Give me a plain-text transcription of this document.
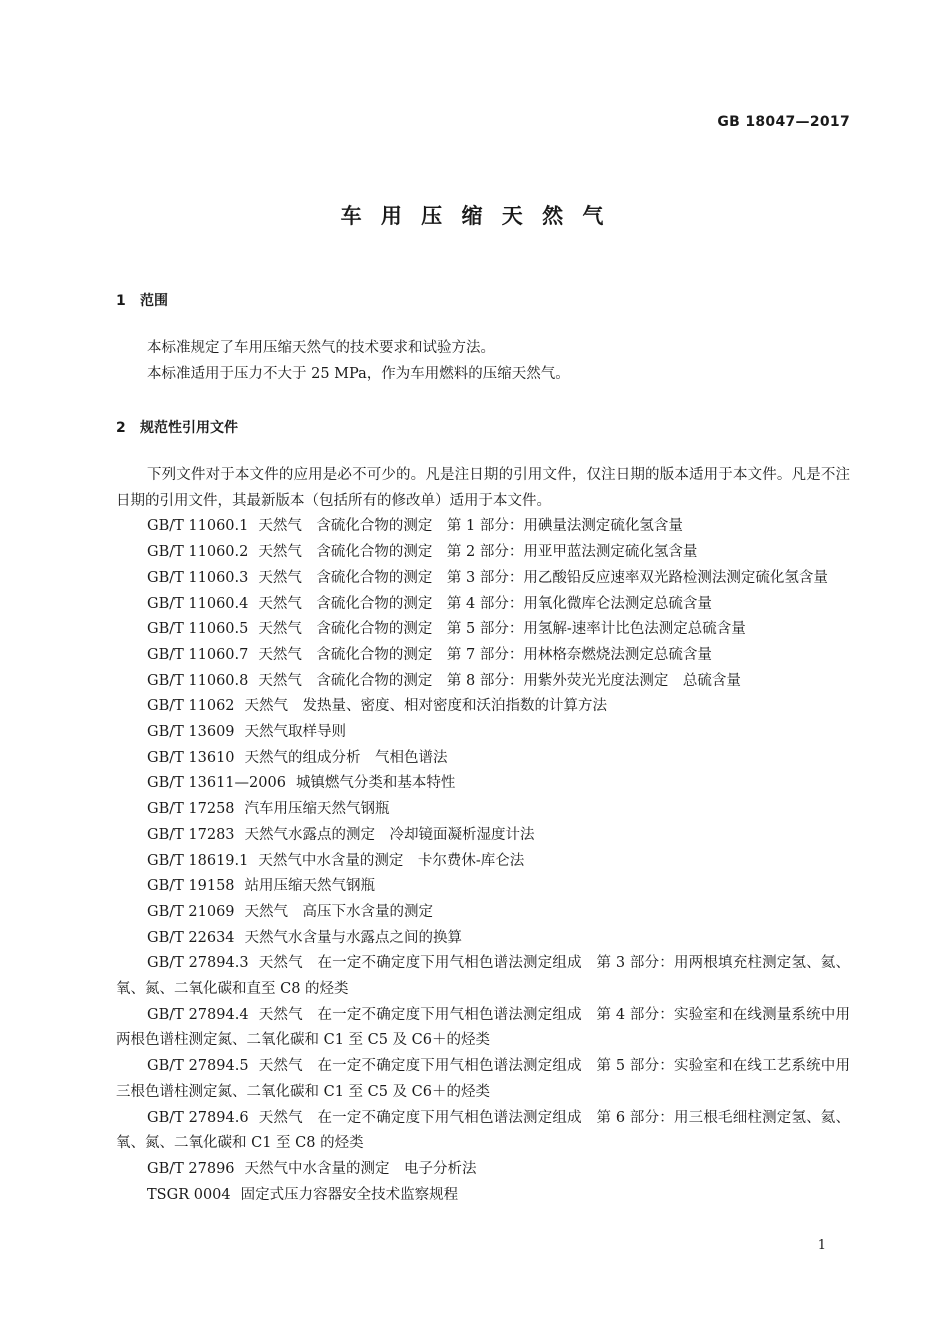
GB 18047—2017
车 用 压 缩 天 然 气
1 范围

本标准规定了车用压缩天然气的技术要求和试验方法。

本标准适用于压力不大于 25 MPa，作为车用燃料的压缩天然气。

2 规范性引用文件

下列文件对于本文件的应用是必不可少的。凡是注日期的引用文件，仅注日期的版本适用于本文件。凡是不注日期的引用文件，其最新版本（包括所有的修改单）适用于本文件。

GB/T 11060.1 天然气　含硫化合物的测定　第 1 部分：用碘量法测定硫化氢含量

GB/T 11060.2 天然气　含硫化合物的测定　第 2 部分：用亚甲蓝法测定硫化氢含量

GB/T 11060.3 天然气　含硫化合物的测定　第 3 部分：用乙酸铅反应速率双光路检测法测定硫化氢含量

GB/T 11060.4 天然气　含硫化合物的测定　第 4 部分：用氧化微库仑法测定总硫含量

GB/T 11060.5 天然气　含硫化合物的测定　第 5 部分：用氢解-速率计比色法测定总硫含量

GB/T 11060.7 天然气　含硫化合物的测定　第 7 部分：用林格奈燃烧法测定总硫含量

GB/T 11060.8 天然气　含硫化合物的测定　第 8 部分：用紫外荧光光度法测定　总硫含量

GB/T 11062 天然气　发热量、密度、相对密度和沃泊指数的计算方法

GB/T 13609 天然气取样导则

GB/T 13610 天然气的组成分析　气相色谱法

GB/T 13611—2006 城镇燃气分类和基本特性

GB/T 17258 汽车用压缩天然气钢瓶

GB/T 17283 天然气水露点的测定　冷却镜面凝析湿度计法

GB/T 18619.1 天然气中水含量的测定　卡尔费休-库仑法

GB/T 19158 站用压缩天然气钢瓶

GB/T 21069 天然气　高压下水含量的测定

GB/T 22634 天然气水含量与水露点之间的换算

GB/T 27894.3 天然气　在一定不确定度下用气相色谱法测定组成　第 3 部分：用两根填充柱测定氢、氦、氧、氮、二氧化碳和直至 C8 的烃类

GB/T 27894.4 天然气　在一定不确定度下用气相色谱法测定组成　第 4 部分：实验室和在线测量系统中用两根色谱柱测定氮、二氧化碳和 C1 至 C5 及 C6＋的烃类

GB/T 27894.5 天然气　在一定不确定度下用气相色谱法测定组成　第 5 部分：实验室和在线工艺系统中用三根色谱柱测定氮、二氧化碳和 C1 至 C5 及 C6＋的烃类

GB/T 27894.6 天然气　在一定不确定度下用气相色谱法测定组成　第 6 部分：用三根毛细柱测定氢、氦、氧、氮、二氧化碳和 C1 至 C8 的烃类

GB/T 27896 天然气中水含量的测定　电子分析法

TSGR 0004 固定式压力容器安全技术监察规程

1
